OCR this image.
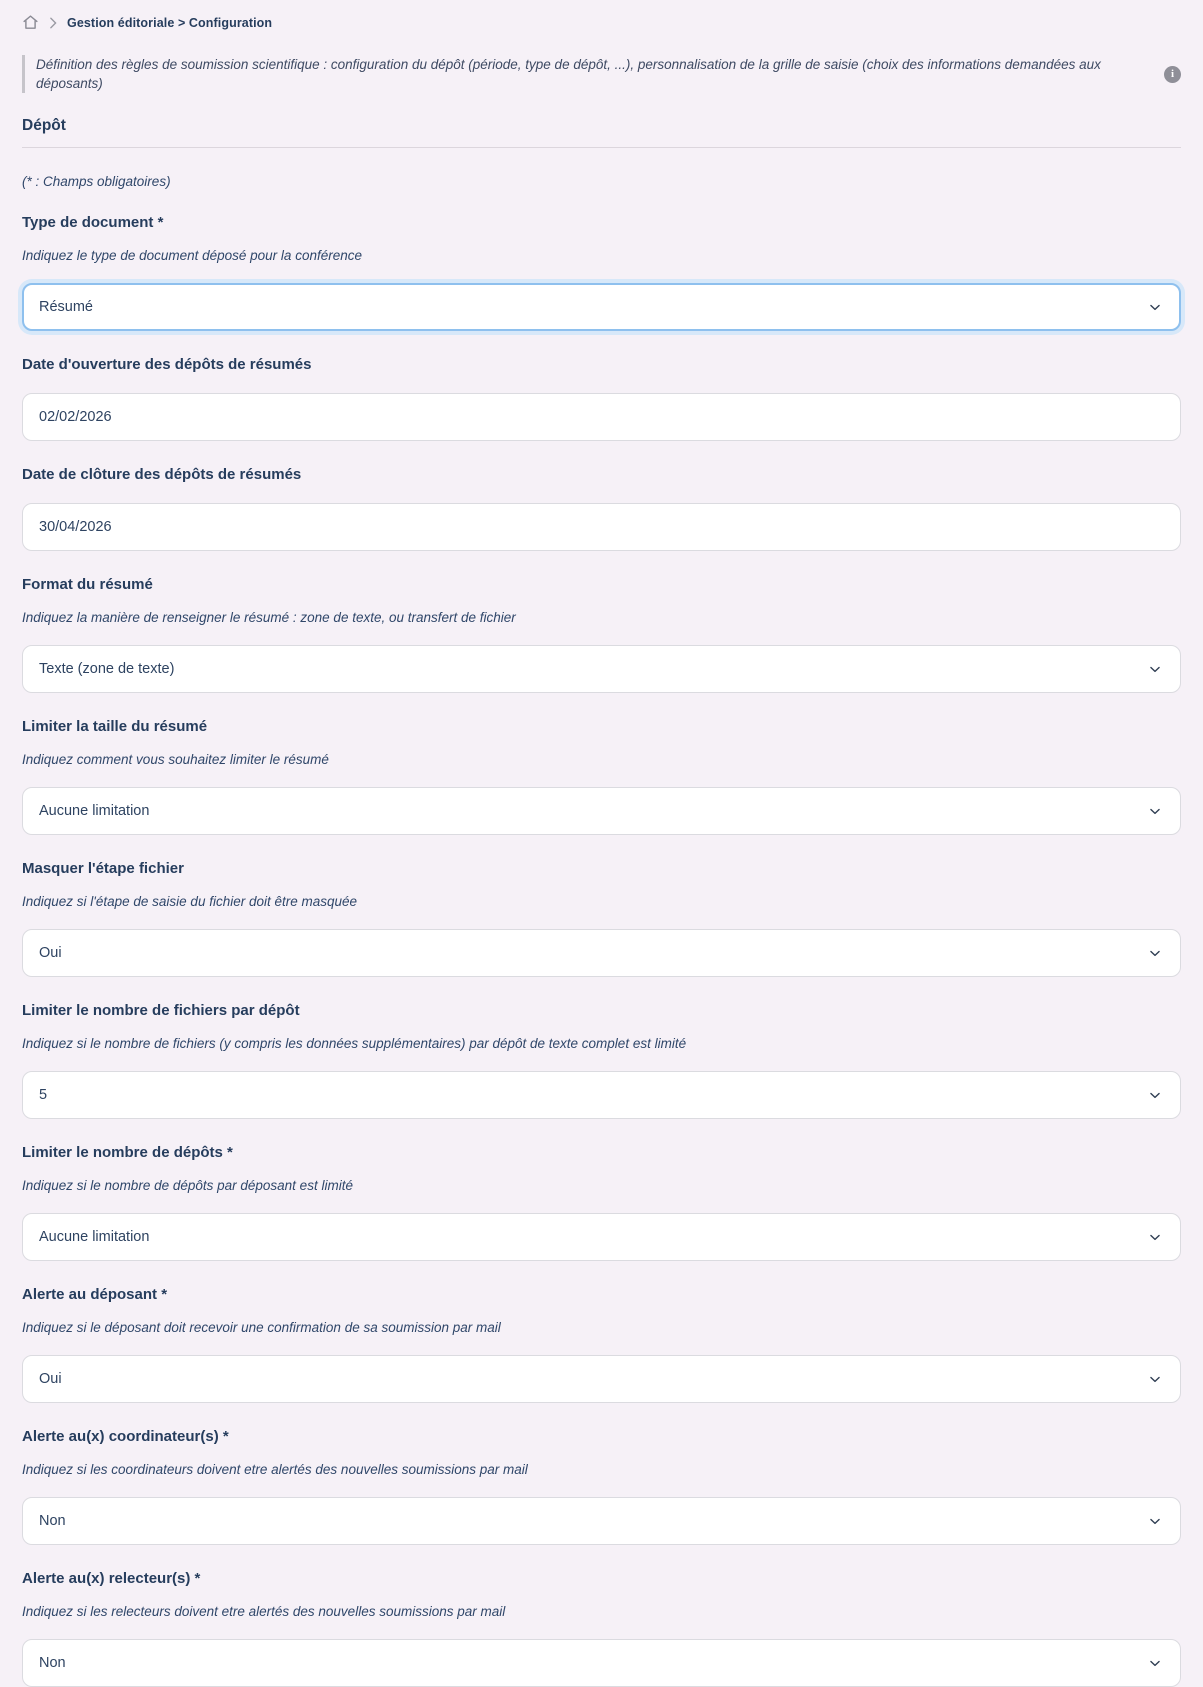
Gestion éditoriale > Configuration
Définition des règles de soumission scientifique : configuration du dépôt (période, type de dépôt, ...), personnalisation de la grille de saisie (choix des informations demandées aux déposants)
i
Dépôt

(* : Champs obligatoires)

Type de document *

Indiquez le type de document déposé pour la conférence

Résumé
Date d'ouverture des dépôts de résumés
02/02/2026
Date de clôture des dépôts de résumés
30/04/2026
Format du résumé

Indiquez la manière de renseigner le résumé : zone de texte, ou transfert de fichier

Texte (zone de texte)
Limiter la taille du résumé

Indiquez comment vous souhaitez limiter le résumé

Aucune limitation
Masquer l'étape fichier

Indiquez si l'étape de saisie du fichier doit être masquée

Oui
Limiter le nombre de fichiers par dépôt

Indiquez si le nombre de fichiers (y compris les données supplémentaires) par dépôt de texte complet est limité

5
Limiter le nombre de dépôts *

Indiquez si le nombre de dépôts par déposant est limité

Aucune limitation
Alerte au déposant *

Indiquez si le déposant doit recevoir une confirmation de sa soumission par mail

Oui
Alerte au(x) coordinateur(s) *

Indiquez si les coordinateurs doivent etre alertés des nouvelles soumissions par mail

Non
Alerte au(x) relecteur(s) *

Indiquez si les relecteurs doivent etre alertés des nouvelles soumissions par mail

Non
